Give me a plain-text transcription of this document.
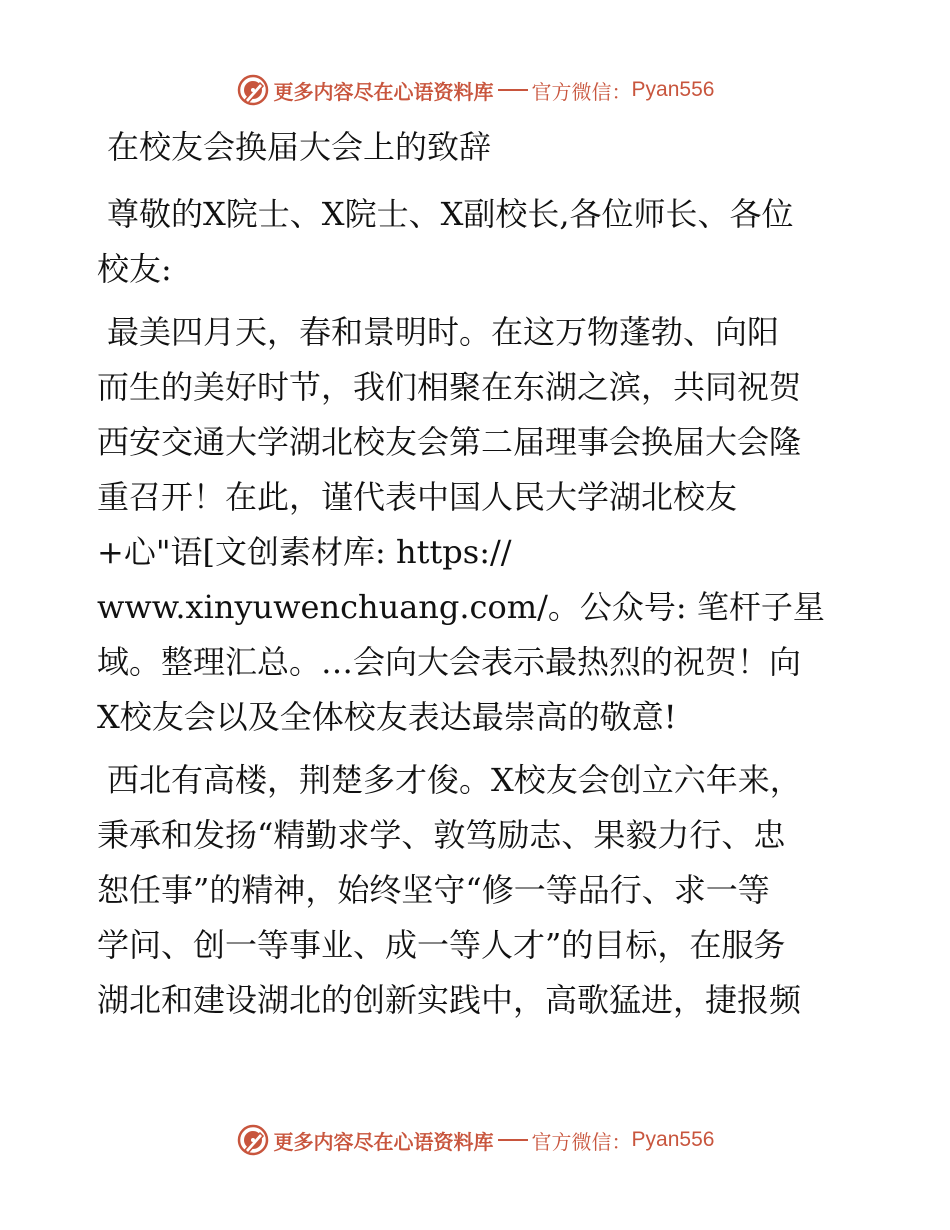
更多内容尽在心语资料库 官方微信： Pyan556
在校友会换届大会上的致辞
尊敬的X院士、X院士、X副校长,各位师长、各位
校友:
最美四月天，春和景明时。在这万物蓬勃、向阳
而生的美好时节，我们相聚在东湖之滨，共同祝贺
西安交通大学湖北校友会第二届理事会换届大会隆
重召开！在此，谨代表中国人民大学湖北校友
+心"语[文创素材库: https://
www.xinyuwenchuang.com/。公众号: 笔杆子星
域。整理汇总。…会向大会表示最热烈的祝贺！向
X校友会以及全体校友表达最崇高的敬意!
西北有高楼，荆楚多才俊。X校友会创立六年来，
秉承和发扬“精勤求学、敦笃励志、果毅力行、忠
恕任事”的精神，始终坚守“修一等品行、求一等
学问、创一等事业、成一等人才”的目标，在服务
湖北和建设湖北的创新实践中，高歌猛进，捷报频
更多内容尽在心语资料库 官方微信： Pyan556
